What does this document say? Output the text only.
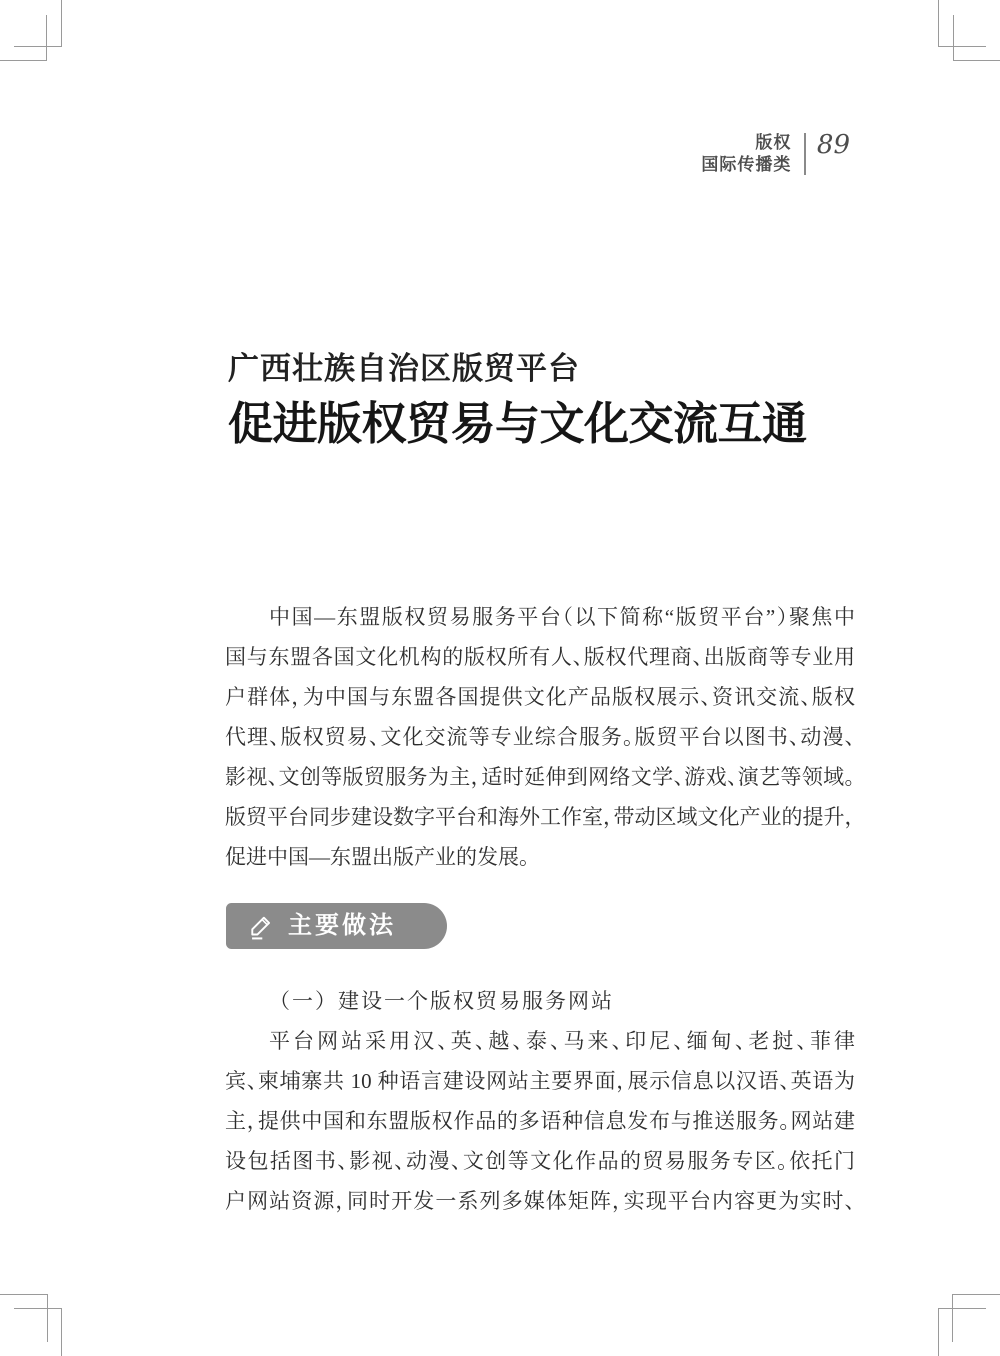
版权
国际传播类
89
广西壮族自治区版贸平台
促进版权贸易与文化交流互通
中国—东盟版权贸易服务平台（以下简称“版贸平台”）聚焦中
国与东盟各国文化机构的版权所有人、版权代理商、出版商等专业用
户群体，为中国与东盟各国提供文化产品版权展示、资讯交流、版权
代理、版权贸易、文化交流等专业综合服务。版贸平台以图书、动漫、
影视、文创等版贸服务为主，适时延伸到网络文学、游戏、演艺等领域。
版贸平台同步建设数字平台和海外工作室，带动区域文化产业的提升，
促进中国—东盟出版产业的发展。
主要做法
（一）建设一个版权贸易服务网站
平台网站采用汉、英、越、泰、马来、印尼、缅甸、老挝、菲律
宾、柬埔寨共 10 种语言建设网站主要界面，展示信息以汉语、英语为
主，提供中国和东盟版权作品的多语种信息发布与推送服务。网站建
设包括图书、影视、动漫、文创等文化作品的贸易服务专区。依托门
户网站资源，同时开发一系列多媒体矩阵，实现平台内容更为实时、
